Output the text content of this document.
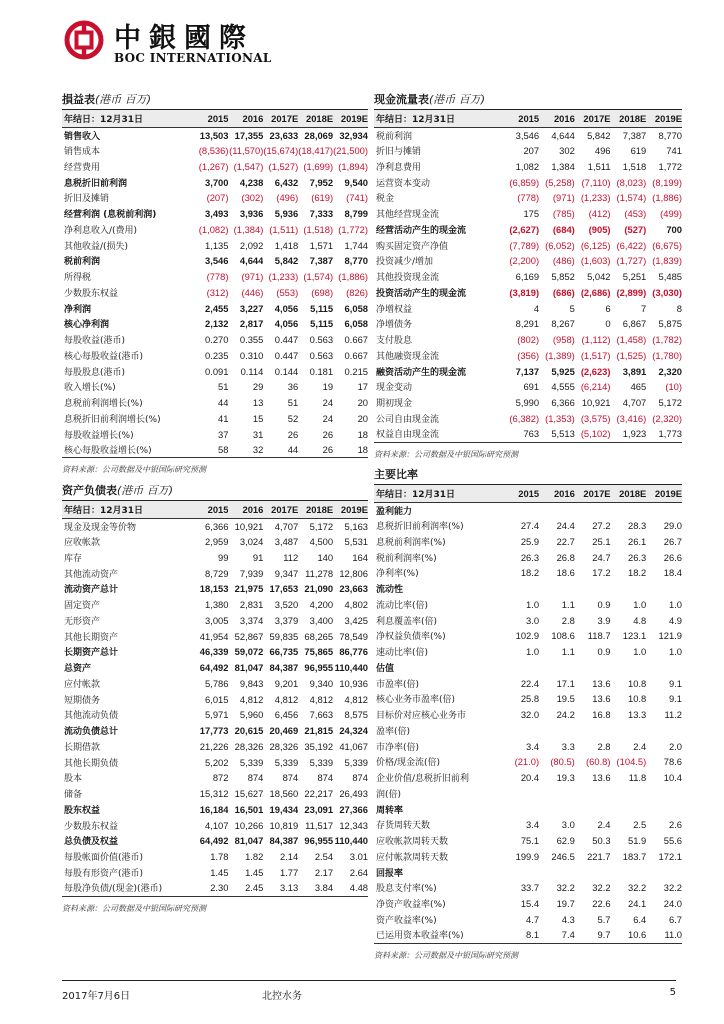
中銀國際
BOC INTERNATIONAL
損益表(港币 百万)
年结日：12月31日	2015	2016	2017E	2018E	2019E
销售收入	13,503	17,355	23,633	28,069	32,934
销售成本	(8,536)	(11,570)	(15,674)	(18,417)	(21,500)
经营费用	(1,267)	(1,547)	(1,527)	(1,699)	(1,894)
息税折旧前利润	3,700	4,238	6,432	7,952	9,540
折旧及摊销	(207)	(302)	(496)	(619)	(741)
经营利润 (息税前利润)	3,493	3,936	5,936	7,333	8,799
净利息收入/(费用)	(1,082)	(1,384)	(1,511)	(1,518)	(1,772)
其他收益/(损失)	1,135	2,092	1,418	1,571	1,744
税前利润	3,546	4,644	5,842	7,387	8,770
所得税	(778)	(971)	(1,233)	(1,574)	(1,886)
少数股东权益	(312)	(446)	(553)	(698)	(826)
净利润	2,455	3,227	4,056	5,115	6,058
核心净利润	2,132	2,817	4,056	5,115	6,058
每股收益(港币)	0.270	0.355	0.447	0.563	0.667
核心每股收益(港币)	0.235	0.310	0.447	0.563	0.667
每股股息(港币)	0.091	0.114	0.144	0.181	0.215
收入增长(%)	51	29	36	19	17
息税前利润增长(%)	44	13	51	24	20
息税折旧前利润增长(%)	41	15	52	24	20
每股收益增长(%)	37	31	26	26	18
核心每股收益增长(%)	58	32	44	26	18
资料来源：公司数据及中银国际研究预测
现金流量表(港币 百万)
年结日：12月31日	2015	2016	2017E	2018E	2019E
税前利润	3,546	4,644	5,842	7,387	8,770
折旧与摊销	207	302	496	619	741
净利息费用	1,082	1,384	1,511	1,518	1,772
运营资本变动	(6,859)	(5,258)	(7,110)	(8,023)	(8,199)
税金	(778)	(971)	(1,233)	(1,574)	(1,886)
其他经营现金流	175	(785)	(412)	(453)	(499)
经营活动产生的现金流	(2,627)	(684)	(905)	(527)	700
购买固定资产净值	(7,789)	(6,052)	(6,125)	(6,422)	(6,675)
投资减少/增加	(2,200)	(486)	(1,603)	(1,727)	(1,839)
其他投资现金流	6,169	5,852	5,042	5,251	5,485
投资活动产生的现金流	(3,819)	(686)	(2,686)	(2,899)	(3,030)
净增权益	4	5	6	7	8
净增债务	8,291	8,267	0	6,867	5,875
支付股息	(802)	(958)	(1,112)	(1,458)	(1,782)
其他融资现金流	(356)	(1,389)	(1,517)	(1,525)	(1,780)
融资活动产生的现金流	7,137	5,925	(2,623)	3,891	2,320
现金变动	691	4,555	(6,214)	465	(10)
期初现金	5,990	6,366	10,921	4,707	5,172
公司自由现金流	(6,382)	(1,353)	(3,575)	(3,416)	(2,320)
权益自由现金流	763	5,513	(5,102)	1,923	1,773
资料来源：公司数据及中银国际研究预测
资产负债表(港币 百万)
年结日：12月31日	2015	2016	2017E	2018E	2019E
现金及现金等价物	6,366	10,921	4,707	5,172	5,163
应收帐款	2,959	3,024	3,487	4,500	5,531
库存	99	91	112	140	164
其他流动资产	8,729	7,939	9,347	11,278	12,806
流动资产总计	18,153	21,975	17,653	21,090	23,663
固定资产	1,380	2,831	3,520	4,200	4,802
无形资产	3,005	3,374	3,379	3,400	3,425
其他长期资产	41,954	52,867	59,835	68,265	78,549
长期资产总计	46,339	59,072	66,735	75,865	86,776
总资产	64,492	81,047	84,387	96,955	110,440
应付帐款	5,786	9,843	9,201	9,340	10,936
短期债务	6,015	4,812	4,812	4,812	4,812
其他流动负债	5,971	5,960	6,456	7,663	8,575
流动负债总计	17,773	20,615	20,469	21,815	24,324
长期借款	21,226	28,326	28,326	35,192	41,067
其他长期负债	5,202	5,339	5,339	5,339	5,339
股本	872	874	874	874	874
储备	15,312	15,627	18,560	22,217	26,493
股东权益	16,184	16,501	19,434	23,091	27,366
少数股东权益	4,107	10,266	10,819	11,517	12,343
总负债及权益	64,492	81,047	84,387	96,955	110,440
每股帐面价值(港币)	1.78	1.82	2.14	2.54	3.01
每股有形资产(港币)	1.45	1.45	1.77	2.17	2.64
每股净负债/(现金)(港币)	2.30	2.45	3.13	3.84	4.48
资料来源：公司数据及中银国际研究预测
主要比率
年结日：12月31日	2015	2016	2017E	2018E	2019E
盈利能力					
息税折旧前利润率(%)	27.4	24.4	27.2	28.3	29.0
息税前利润率(%)	25.9	22.7	25.1	26.1	26.7
税前利润率(%)	26.3	26.8	24.7	26.3	26.6
净利率(%)	18.2	18.6	17.2	18.2	18.4
流动性					
流动比率(倍)	1.0	1.1	0.9	1.0	1.0
利息覆盖率(倍)	3.0	2.8	3.9	4.8	4.9
净权益负债率(%)	102.9	108.6	118.7	123.1	121.9
速动比率(倍)	1.0	1.1	0.9	1.0	1.0
估值					
市盈率(倍)	22.4	17.1	13.6	10.8	9.1
核心业务市盈率(倍)	25.8	19.5	13.6	10.8	9.1
目标价对应核心业务市	32.0	24.2	16.8	13.3	11.2
盈率(倍)					
市净率(倍)	3.4	3.3	2.8	2.4	2.0
价格/现金流(倍)	(21.0)	(80.5)	(60.8)	(104.5)	78.6
企业价值/息税折旧前利	20.4	19.3	13.6	11.8	10.4
润(倍)					
周转率					
存货周转天数	3.4	3.0	2.4	2.5	2.6
应收帐款周转天数	75.1	62.9	50.3	51.9	55.6
应付帐款周转天数	199.9	246.5	221.7	183.7	172.1
回报率					
股息支付率(%)	33.7	32.2	32.2	32.2	32.2
净资产收益率(%)	15.4	19.7	22.6	24.1	24.0
资产收益率(%)	4.7	4.3	5.7	6.4	6.7
已运用资本收益率(%)	8.1	7.4	9.7	10.6	11.0
资料来源：公司数据及中银国际研究预测
2017年7月6日	北控水务	5
